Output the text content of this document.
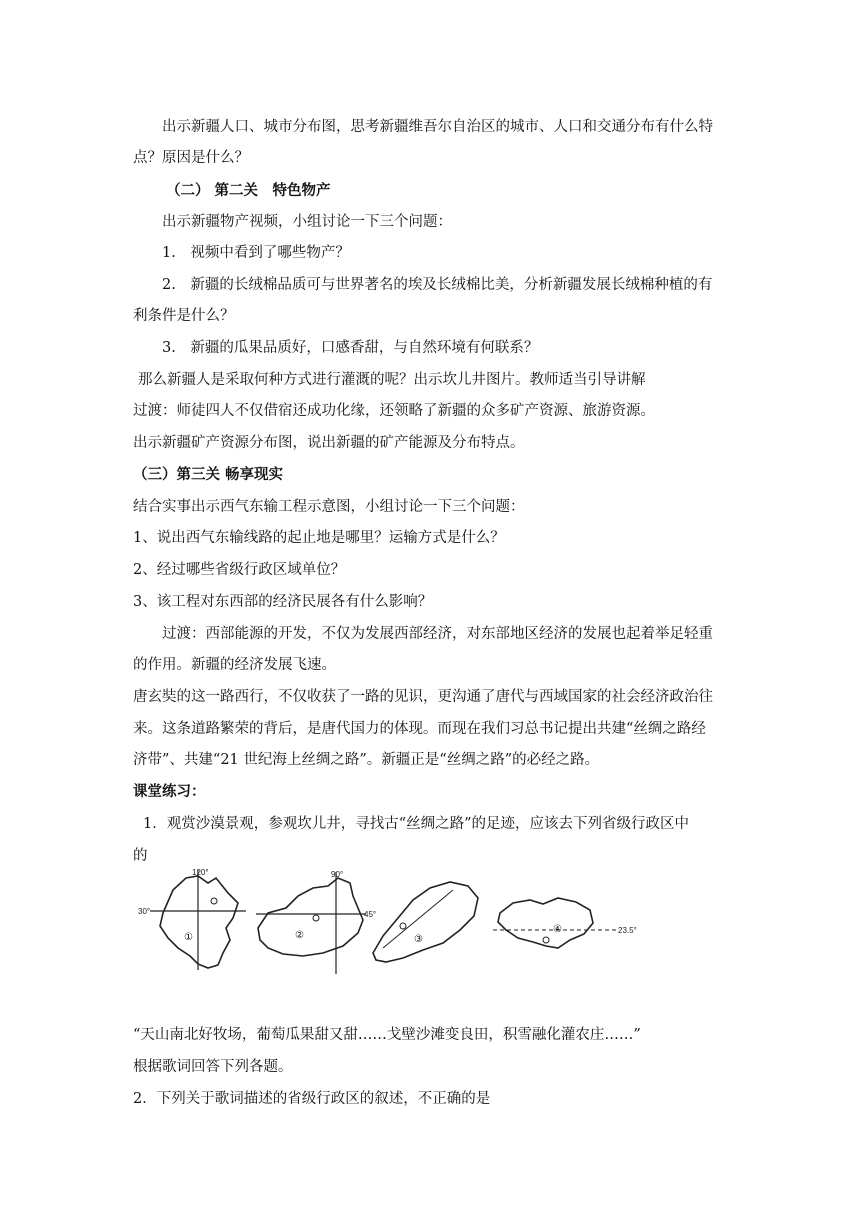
出示新疆人口、城市分布图，思考新疆维吾尔自治区的城市、人口和交通分布有什么特
点？原因是什么？
（二） 第二关　特色物产
出示新疆物产视频，小组讨论一下三个问题：
1.　视频中看到了哪些物产？
2.　新疆的长绒棉品质可与世界著名的埃及长绒棉比美，分析新疆发展长绒棉种植的有
利条件是什么？
3.　新疆的瓜果品质好，口感香甜，与自然环境有何联系？
那么新疆人是采取何种方式进行灌溉的呢？出示坎儿井图片。教师适当引导讲解
过渡：师徒四人不仅借宿还成功化缘，还领略了新疆的众多矿产资源、旅游资源。
出示新疆矿产资源分布图，说出新疆的矿产能源及分布特点。
（三）第三关 畅享现实
结合实事出示西气东输工程示意图，小组讨论一下三个问题：
1、说出西气东输线路的起止地是哪里？运输方式是什么？
2、经过哪些省级行政区域单位？
3、该工程对东西部的经济民展各有什么影响？
过渡：西部能源的开发，不仅为发展西部经济，对东部地区经济的发展也起着举足轻重
的作用。新疆的经济发展飞速。
唐玄奘的这一路西行，不仅收获了一路的见识，更沟通了唐代与西域国家的社会经济政治往
来。这条道路繁荣的背后，是唐代国力的体现。而现在我们习总书记提出共建“丝绸之路经
济带”、共建“21 世纪海上丝绸之路”。新疆正是“丝绸之路”的必经之路。
课堂练习：
1．观赏沙漠景观，参观坎儿井，寻找古“丝绸之路”的足迹，应该去下列省级行政区中
的
120°
30°
①
90°
45°
②	③
23.5°
④
“天山南北好牧场，葡萄瓜果甜又甜……戈壁沙滩变良田，积雪融化灌农庄……”
根据歌词回答下列各题。
2．下列关于歌词描述的省级行政区的叙述，不正确的是
